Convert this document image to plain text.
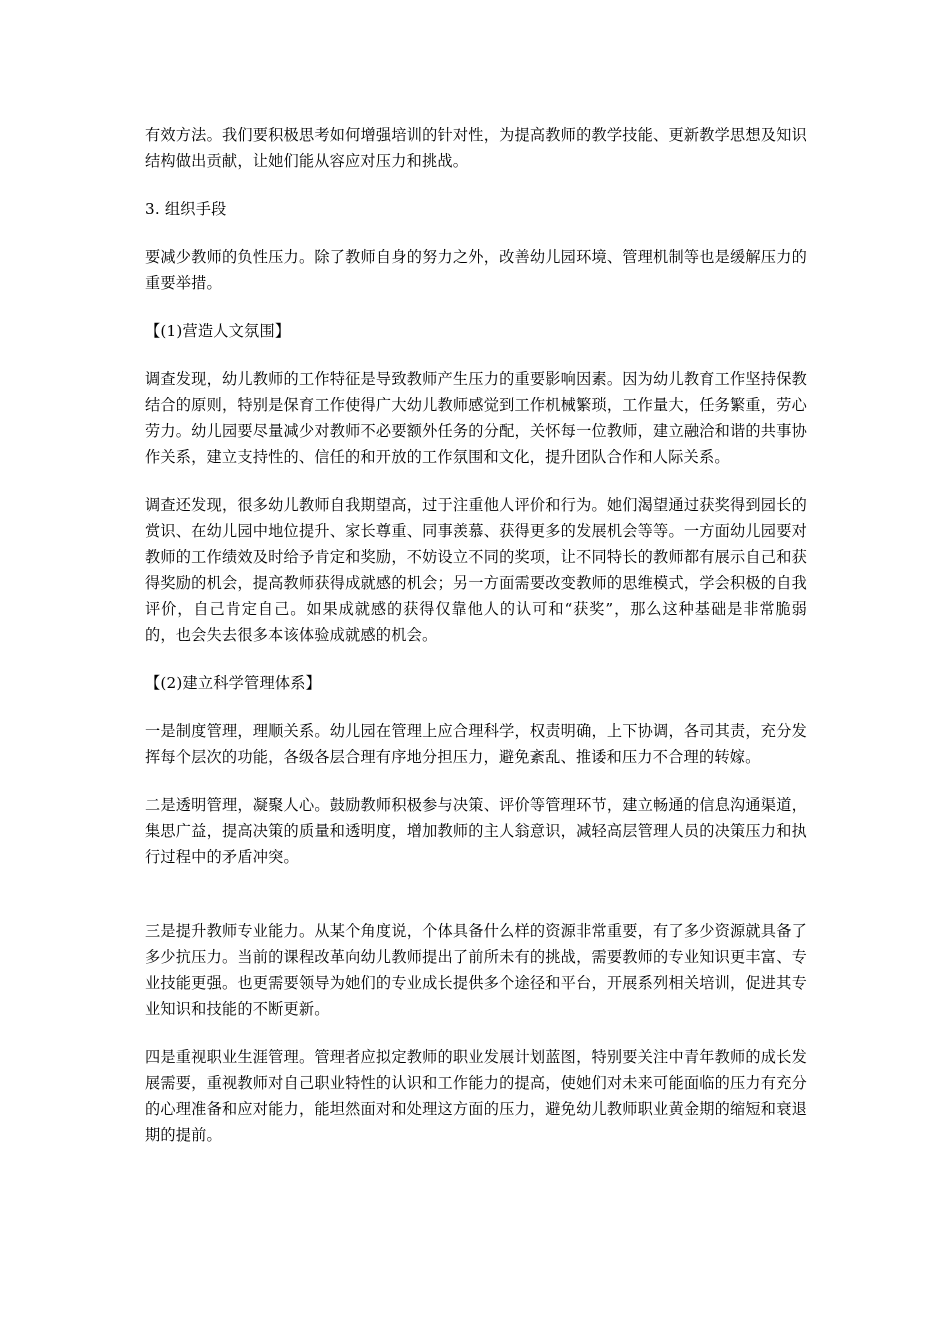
有效方法。我们要积极思考如何增强培训的针对性，为提高教师的教学技能、更新教学思想及知识结构做出贡献，让她们能从容应对压力和挑战。

3. 组织手段

要减少教师的负性压力。除了教师自身的努力之外，改善幼儿园环境、管理机制等也是缓解压力的重要举措。

【(1)营造人文氛围】

调查发现，幼儿教师的工作特征是导致教师产生压力的重要影响因素。因为幼儿教育工作坚持保教结合的原则，特别是保育工作使得广大幼儿教师感觉到工作机械繁琐，工作量大，任务繁重，劳心劳力。幼儿园要尽量减少对教师不必要额外任务的分配，关怀每一位教师，建立融洽和谐的共事协作关系，建立支持性的、信任的和开放的工作氛围和文化，提升团队合作和人际关系。

调查还发现，很多幼儿教师自我期望高，过于注重他人评价和行为。她们渴望通过获奖得到园长的赏识、在幼儿园中地位提升、家长尊重、同事羡慕、获得更多的发展机会等等。一方面幼儿园要对教师的工作绩效及时给予肯定和奖励，不妨设立不同的奖项，让不同特长的教师都有展示自己和获得奖励的机会，提高教师获得成就感的机会；另一方面需要改变教师的思维模式，学会积极的自我评价，自己肯定自己。如果成就感的获得仅靠他人的认可和“获奖”，那么这种基础是非常脆弱的，也会失去很多本该体验成就感的机会。

【(2)建立科学管理体系】

一是制度管理，理顺关系。幼儿园在管理上应合理科学，权责明确，上下协调，各司其责，充分发挥每个层次的功能，各级各层合理有序地分担压力，避免紊乱、推诿和压力不合理的转嫁。

二是透明管理，凝聚人心。鼓励教师积极参与决策、评价等管理环节，建立畅通的信息沟通渠道，集思广益，提高决策的质量和透明度，增加教师的主人翁意识，减轻高层管理人员的决策压力和执行过程中的矛盾冲突。

三是提升教师专业能力。从某个角度说，个体具备什么样的资源非常重要，有了多少资源就具备了多少抗压力。当前的课程改革向幼儿教师提出了前所未有的挑战，需要教师的专业知识更丰富、专业技能更强。也更需要领导为她们的专业成长提供多个途径和平台，开展系列相关培训，促进其专业知识和技能的不断更新。

四是重视职业生涯管理。管理者应拟定教师的职业发展计划蓝图，特别要关注中青年教师的成长发展需要，重视教师对自己职业特性的认识和工作能力的提高，使她们对未来可能面临的压力有充分的心理准备和应对能力，能坦然面对和处理这方面的压力，避免幼儿教师职业黄金期的缩短和衰退期的提前。
